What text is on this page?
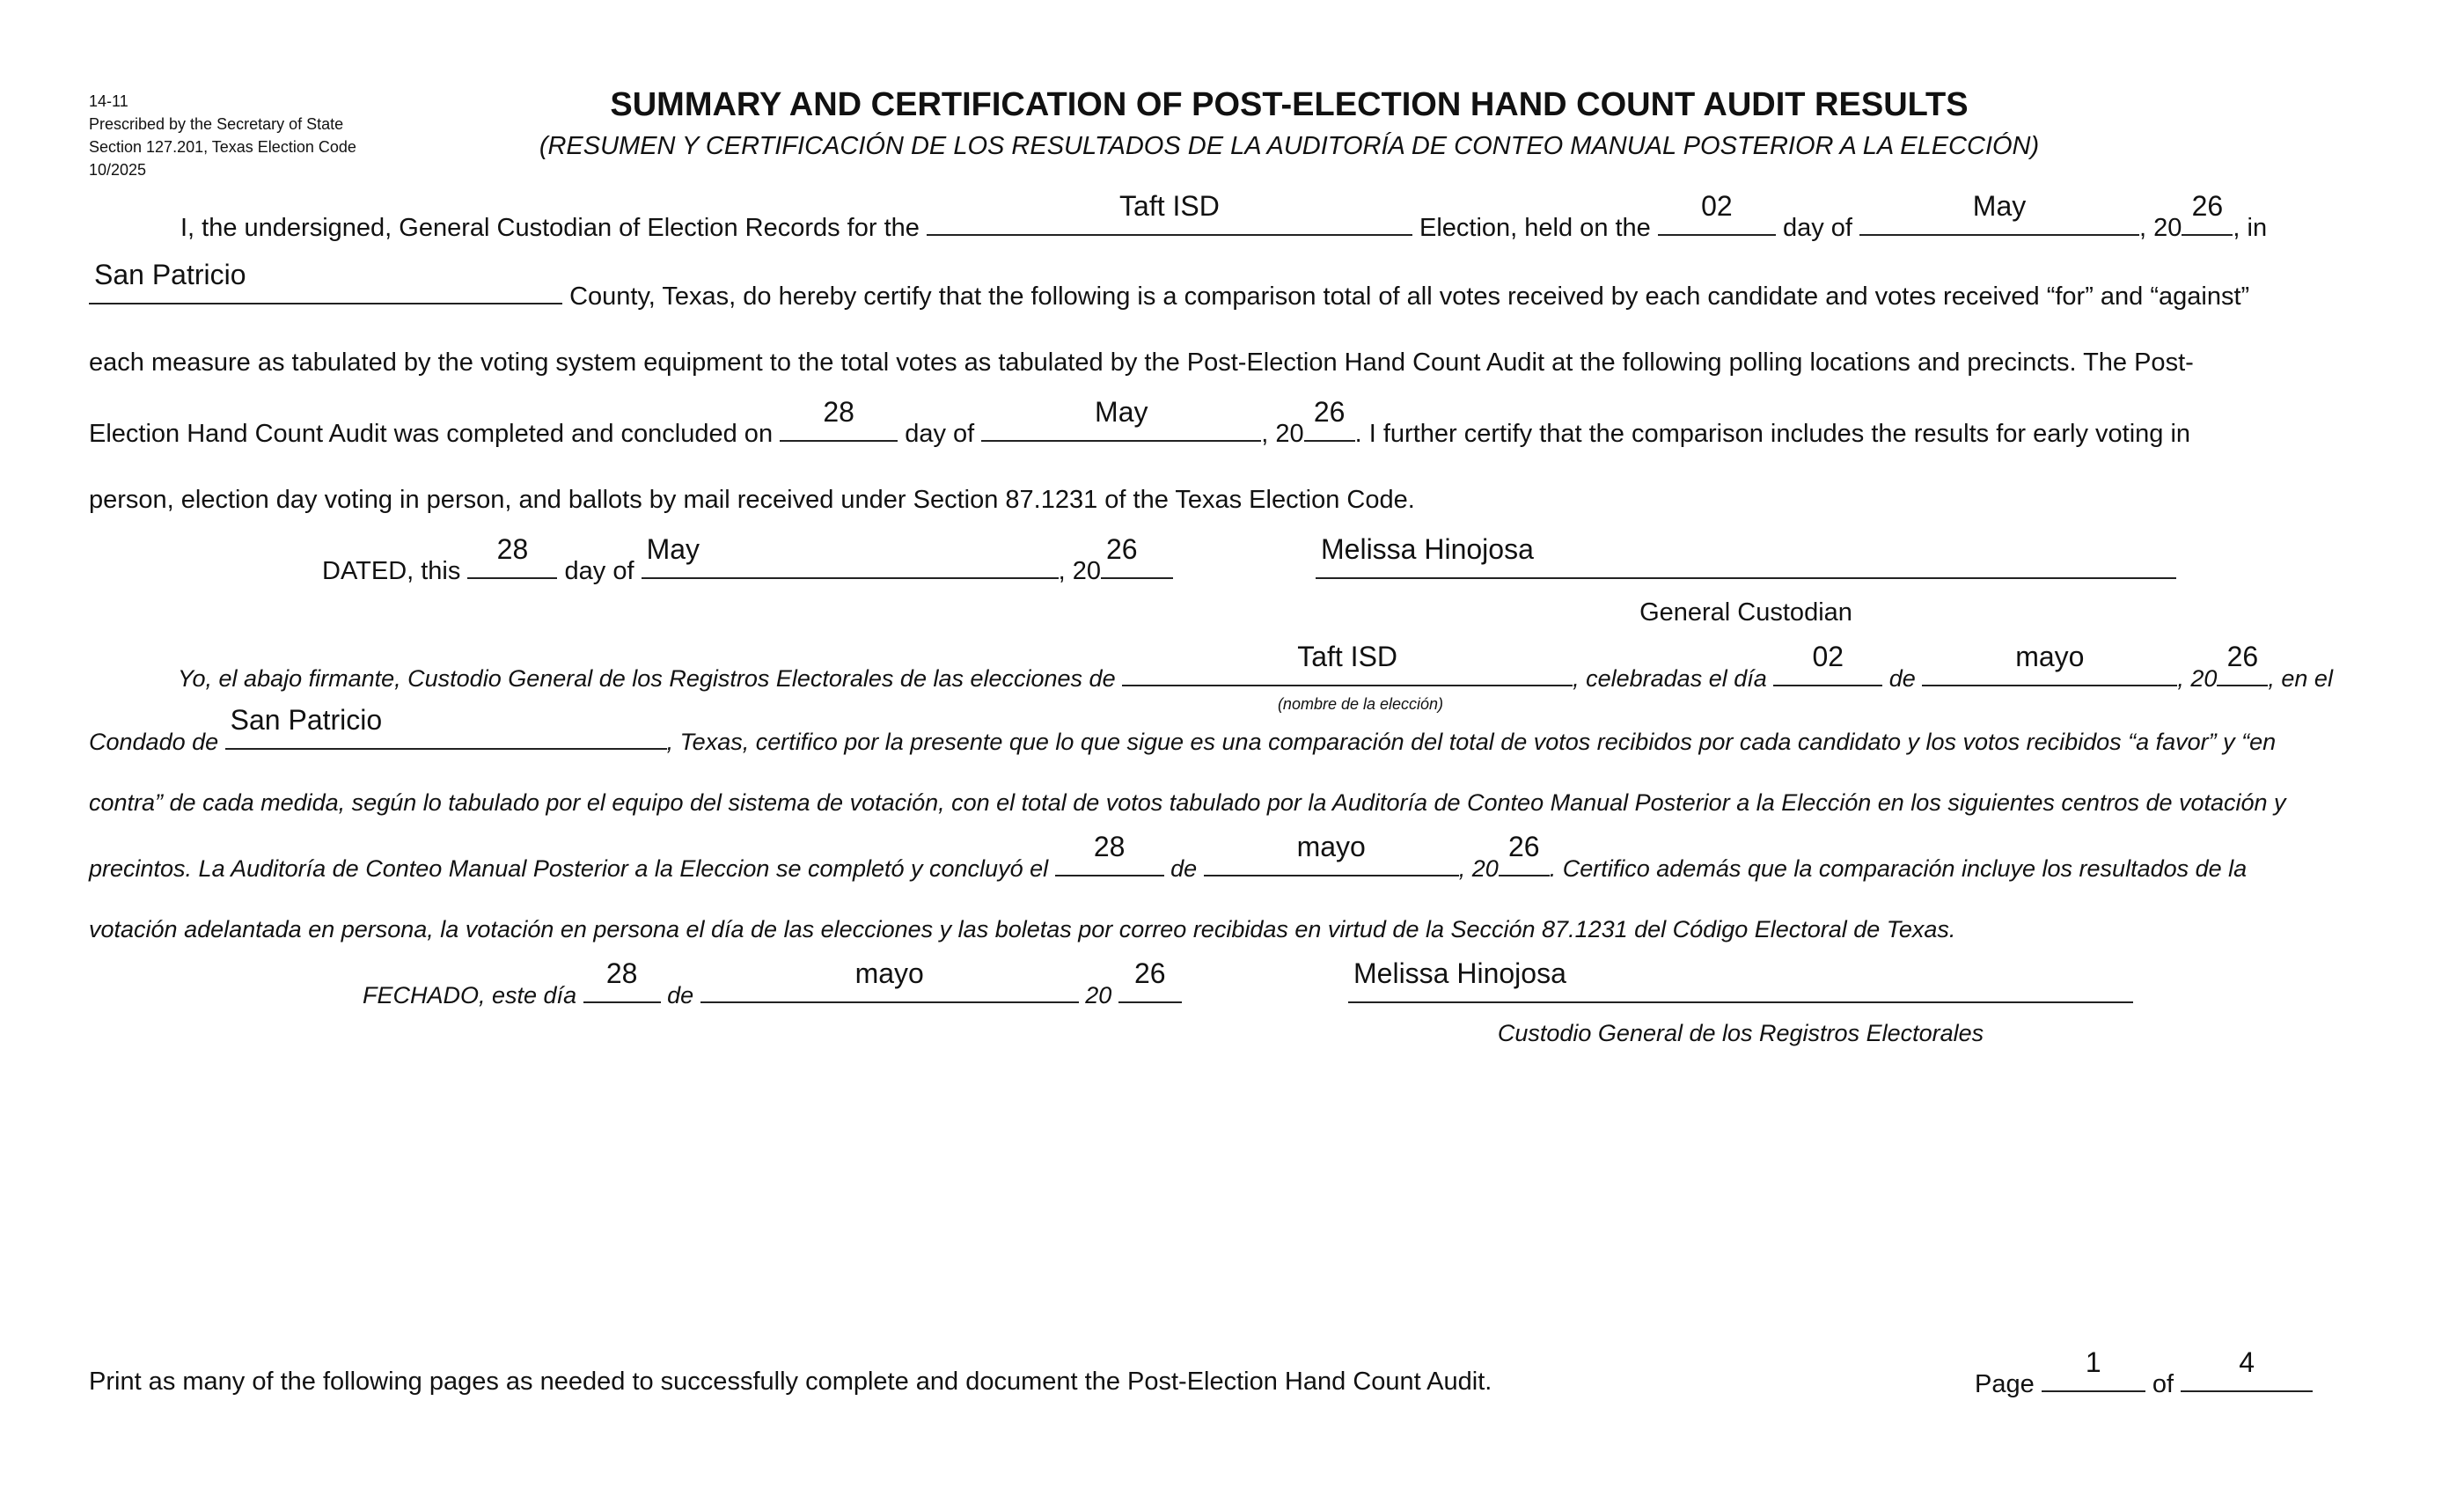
14-11
Prescribed by the Secretary of State
Section 127.201, Texas Election Code
10/2025
SUMMARY AND CERTIFICATION OF POST-ELECTION HAND COUNT AUDIT RESULTS
(RESUMEN Y CERTIFICACIÓN DE LOS RESULTADOS DE LA AUDITORÍA DE CONTEO MANUAL POSTERIOR A LA ELECCIÓN)
I, the undersigned, General Custodian of Election Records for the
Taft ISD
Election, held on the
02
day of
May
, 20
26
, in
San Patricio
County, Texas, do hereby certify that the following is a comparison total of all votes received by each candidate and votes received “for” and “against”
each measure as tabulated by the voting system equipment to the total votes as tabulated by the Post-Election Hand Count Audit at the following polling locations and precincts. The Post-
Election Hand Count Audit was completed and concluded on
28
day of
May
, 20
26
. I further certify that the comparison includes the results for early voting in
person, election day voting in person, and ballots by mail received under Section 87.1231 of the Texas Election Code.
DATED, this
28
day of
May
, 20
26	Melissa Hinojosa
General Custodian
Yo, el abajo firmante, Custodio General de los Registros Electorales de las elecciones de
Taft ISD
, celebradas el día
02
de
mayo
, 20
26
, en el
(nombre de la elección)
Condado de
San Patricio
, Texas, certifico por la presente que lo que sigue es una comparación del total de votos recibidos por cada candidato y los votos recibidos “a favor” y “en
contra” de cada medida, según lo tabulado por el equipo del sistema de votación, con el total de votos tabulado por la Auditoría de Conteo Manual Posterior a la Elección en los siguientes centros de votación y
precintos. La Auditoría de Conteo Manual Posterior a la Eleccion se completó y concluyó el
28
de
mayo
, 20
26
. Certifico además que la comparación incluye los resultados de la
votación adelantada en persona, la votación en persona el día de las elecciones y las boletas por correo recibidas en virtud de la Sección 87.1231 del Código Electoral de Texas.
FECHADO, este día
28
de
mayo
20
26	Melissa Hinojosa
Custodio General de los Registros Electorales
Print as many of the following pages as needed to successfully complete and document the Post-Election Hand Count Audit.	Page
1
of
4
